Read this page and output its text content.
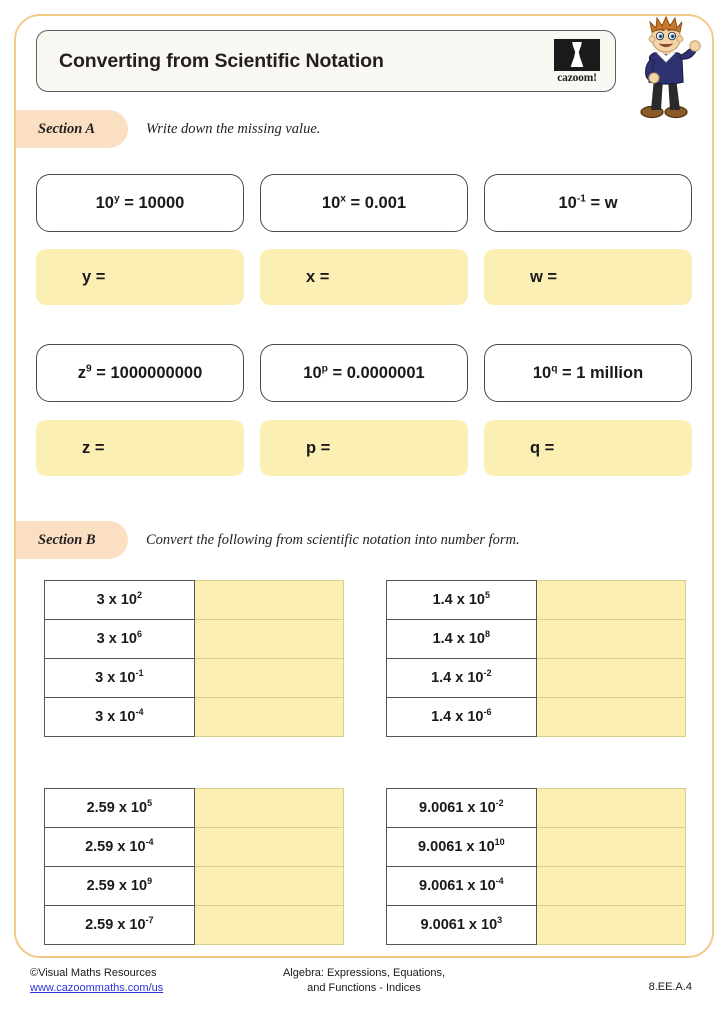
Converting from Scientific Notation
cazoom!
Section A	Write down the missing value.
$10^y = 10000$	$10^x = 0.001$	$10^{-1} = w$
y =	x =	w =
$z^9 = 1000000000$	$10^p = 0.0000001$	$10^q = 1$ million
z =	p =	q =
Section B	Convert the following from scientific notation into number form.
3 x $10^2$	
3 x $10^6$	
3 x $10^{-1}$	
3 x $10^{-4}$	
1.4 x $10^5$	
1.4 x $10^8$	
1.4 x $10^{-2}$	
1.4 x $10^{-6}$	
2.59 x $10^5$	
2.59 x $10^{-4}$	
2.59 x $10^9$	
2.59 x $10^{-7}$	
9.0061 x $10^{-2}$	
9.0061 x $10^{10}$	
9.0061 x $10^{-4}$	
9.0061 x $10^3$	
©Visual Maths Resources
www.cazoommaths.com/us
Algebra: Expressions, Equations,
and Functions - Indices	8.EE.A.4
